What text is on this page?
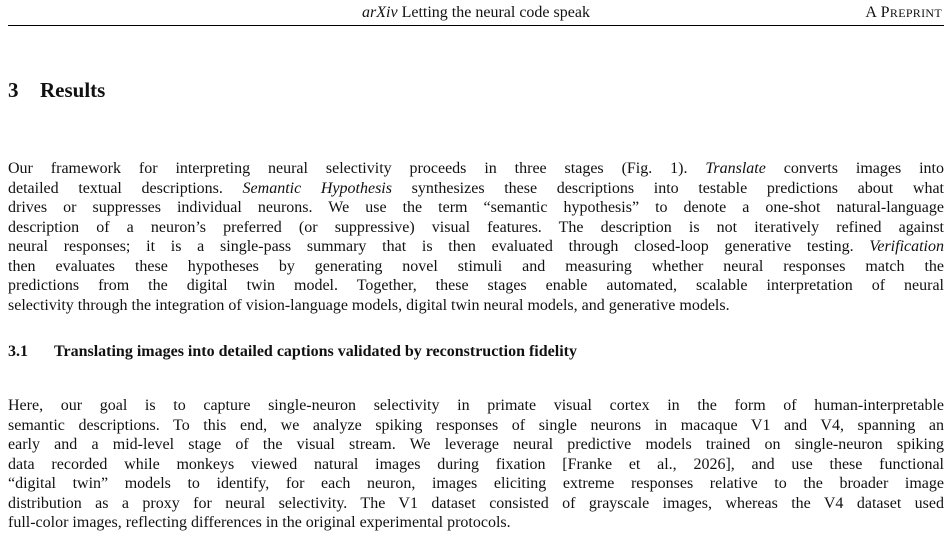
arXiv Letting the neural code speak	A PREPRINT
3 Results

Our framework for interpreting neural selectivity proceeds in three stages (Fig. 1). Translate converts images into
detailed textual descriptions. Semantic Hypothesis synthesizes these descriptions into testable predictions about what
drives or suppresses individual neurons. We use the term “semantic hypothesis” to denote a one-shot natural-language
description of a neuron’s preferred (or suppressive) visual features. The description is not iteratively refined against
neural responses; it is a single-pass summary that is then evaluated through closed-loop generative testing. Verification
then evaluates these hypotheses by generating novel stimuli and measuring whether neural responses match the
predictions from the digital twin model. Together, these stages enable automated, scalable interpretation of neural
selectivity through the integration of vision-language models, digital twin neural models, and generative models.

3.1 Translating images into detailed captions validated by reconstruction fidelity

Here, our goal is to capture single-neuron selectivity in primate visual cortex in the form of human-interpretable
semantic descriptions. To this end, we analyze spiking responses of single neurons in macaque V1 and V4, spanning an
early and a mid-level stage of the visual stream. We leverage neural predictive models trained on single-neuron spiking
data recorded while monkeys viewed natural images during fixation [Franke et al., 2026], and use these functional
“digital twin” models to identify, for each neuron, images eliciting extreme responses relative to the broader image
distribution as a proxy for neural selectivity. The V1 dataset consisted of grayscale images, whereas the V4 dataset used
full-color images, reflecting differences in the original experimental protocols.
